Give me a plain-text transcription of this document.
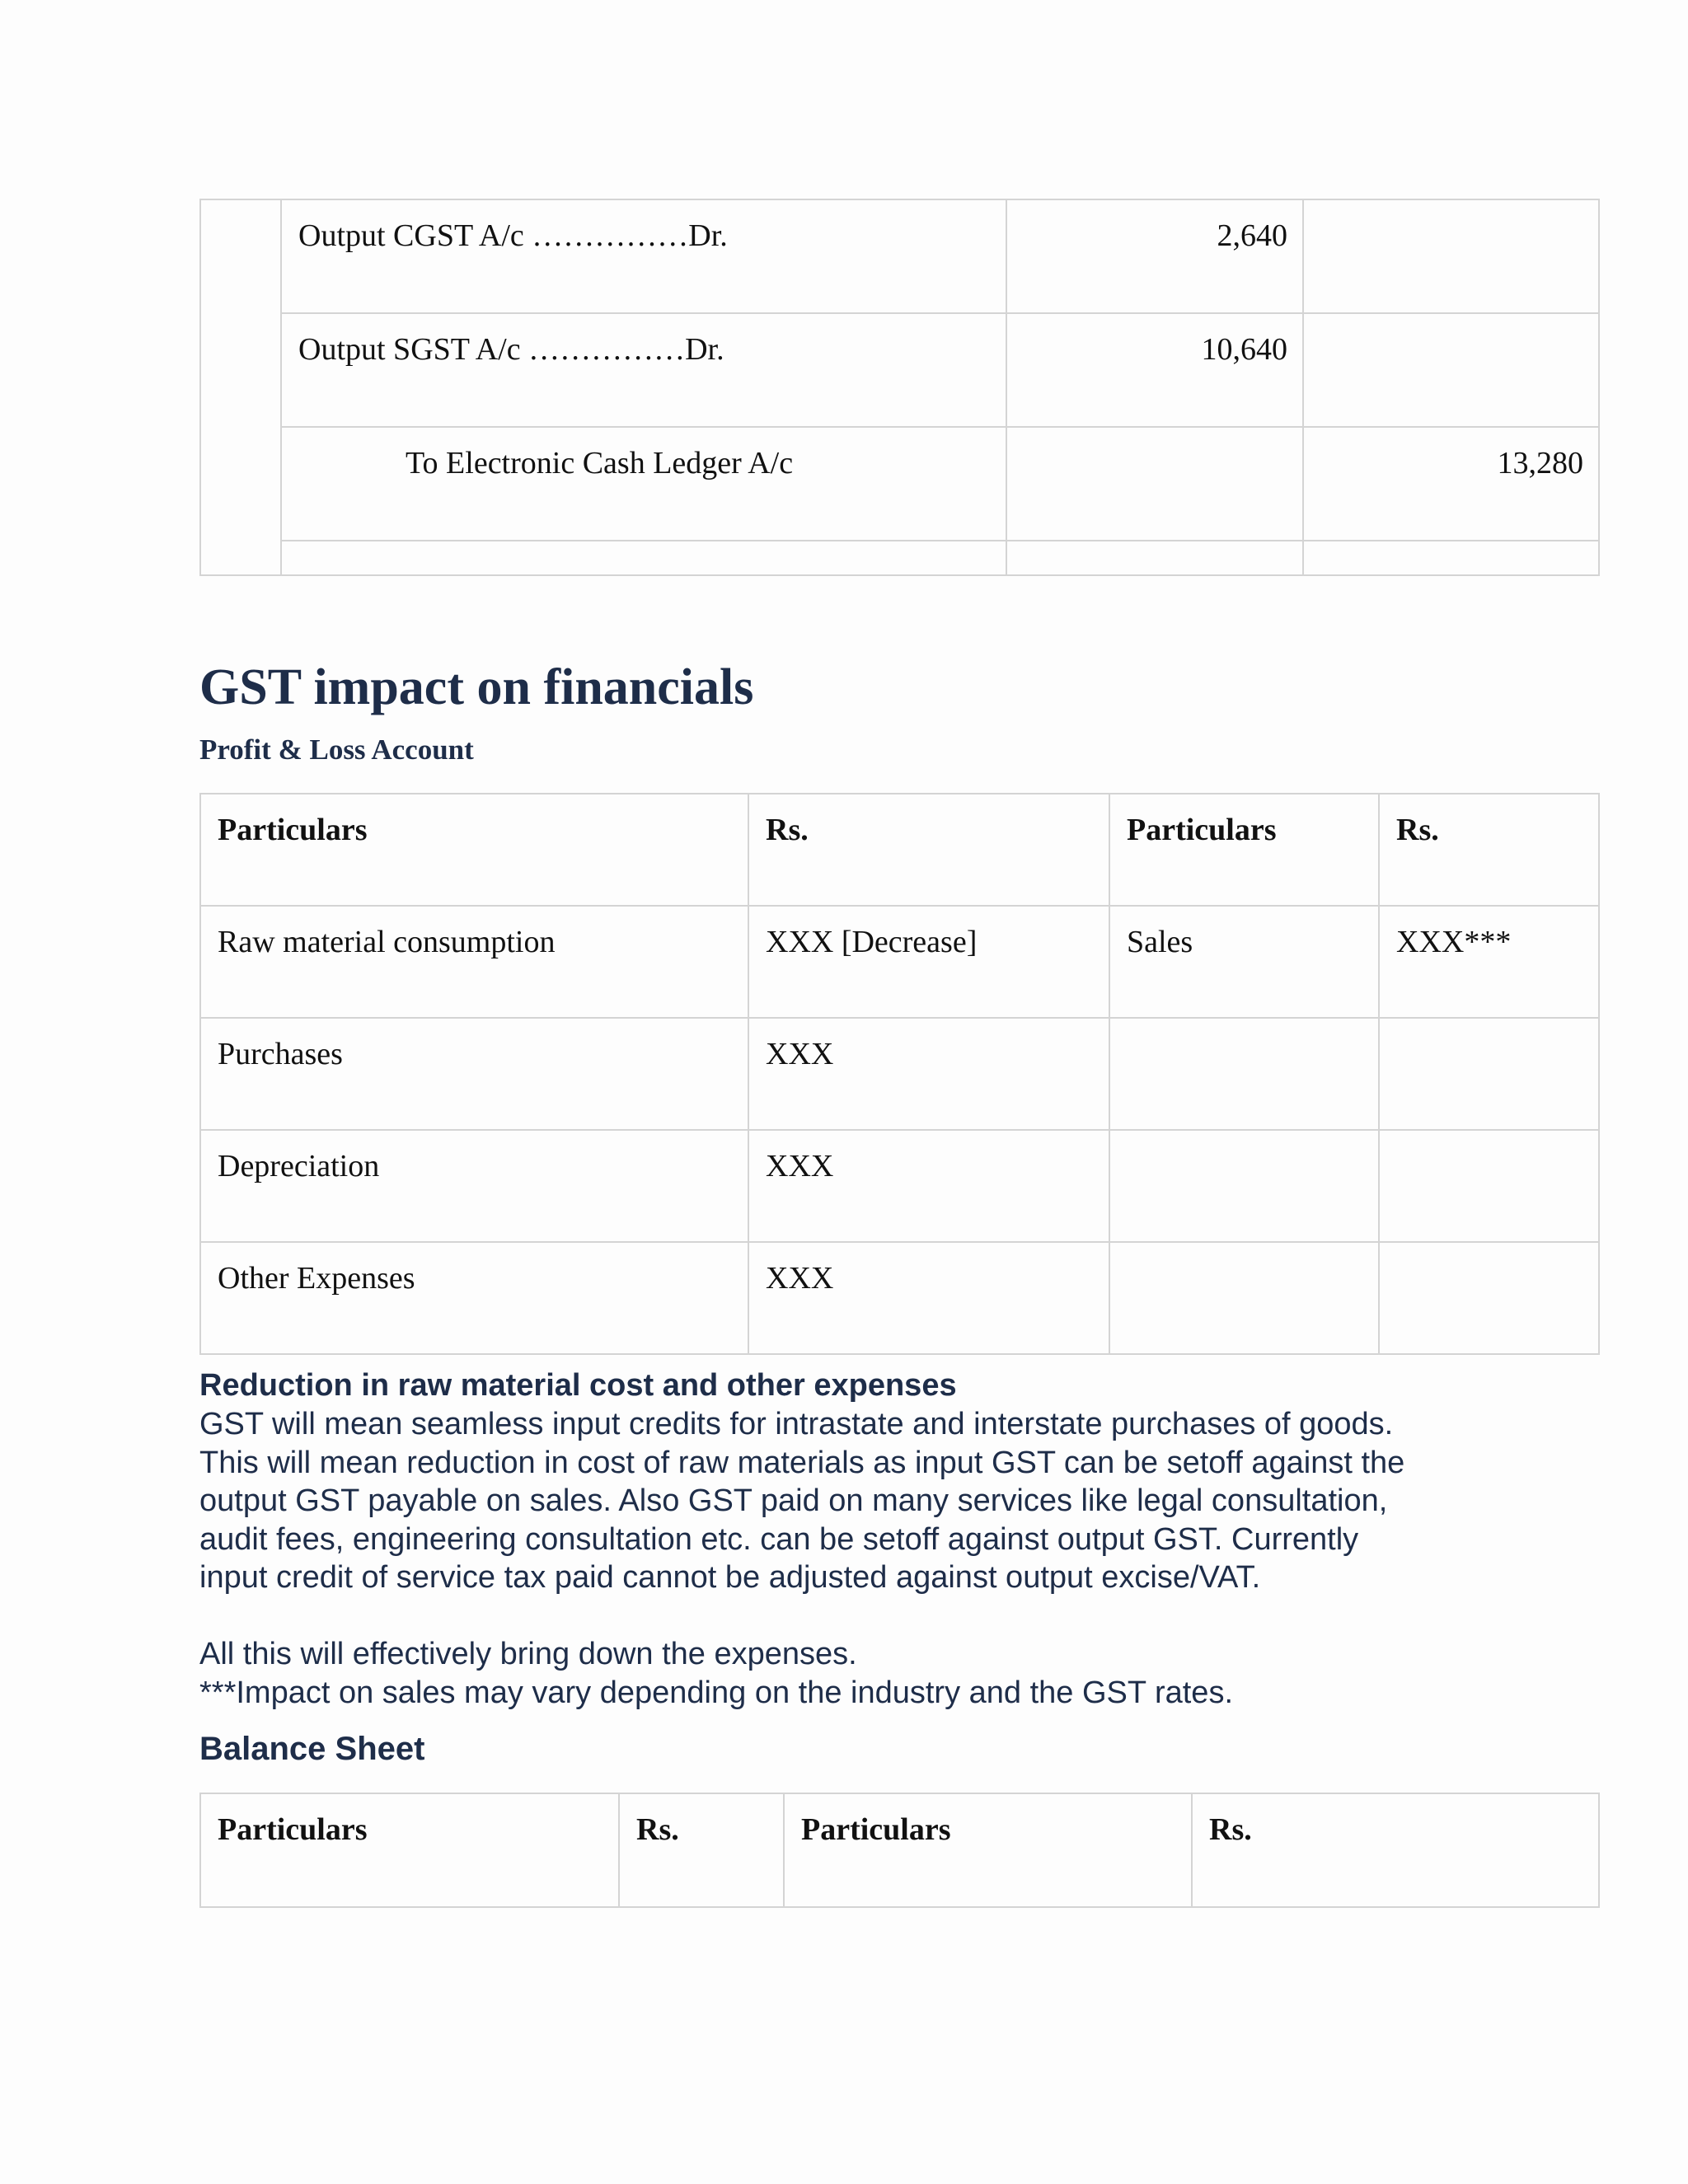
	Output CGST A/c ……………Dr.	2,640	

	Output SGST A/c ……………Dr.	10,640	

	To Electronic Cash Ledger A/c		13,280

GST impact on financials
Profit & Loss Account
Particulars	Rs.	Particulars	Rs.
Raw material consumption	XXX [Decrease]	Sales	XXX***
Purchases	XXX		
Depreciation	XXX		
Other Expenses	XXX		
Reduction in raw material cost and other expenses
GST will mean seamless input credits for intrastate and interstate purchases of goods.
This will mean reduction in cost of raw materials as input GST can be setoff against the
output GST payable on sales. Also GST paid on many services like legal consultation,
audit fees, engineering consultation etc. can be setoff against output GST. Currently
input credit of service tax paid cannot be adjusted against output excise/VAT.
All this will effectively bring down the expenses.
***Impact on sales may vary depending on the industry and the GST rates.
Balance Sheet
Particulars	Rs.	Particulars	Rs.
